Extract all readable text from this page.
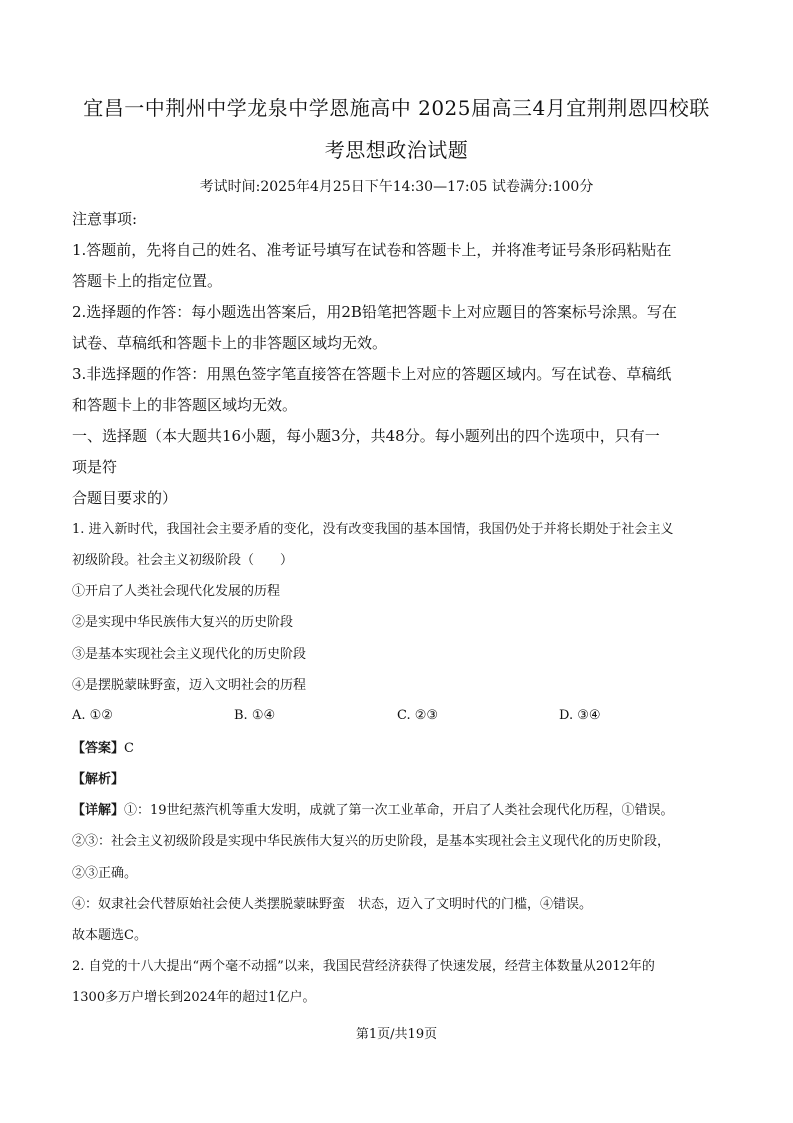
宜昌一中荆州中学龙泉中学恩施高中 2025届高三4月宜荆荆恩四校联
考思想政治试题
考试时间:2025年4月25日下午14:30—17:05 试卷满分:100分
注意事项:
1.答题前，先将自己的姓名、准考证号填写在试卷和答题卡上，并将准考证号条形码粘贴在
答题卡上的指定位置。
2.选择题的作答：每小题选出答案后，用2B铅笔把答题卡上对应题目的答案标号涂黑。写在
试卷、草稿纸和答题卡上的非答题区域均无效。
3.非选择题的作答：用黑色签字笔直接答在答题卡上对应的答题区域内。写在试卷、草稿纸
和答题卡上的非答题区域均无效。
一、选择题（本大题共16小题，每小题3分，共48分。每小题列出的四个选项中，只有一
项是符
合题目要求的）
1. 进入新时代，我国社会主要矛盾的变化，没有改变我国的基本国情，我国仍处于并将长期处于社会主义
初级阶段。社会主义初级阶段（　　）
①开启了人类社会现代化发展的历程
②是实现中华民族伟大复兴的历史阶段
③是基本实现社会主义现代化的历史阶段
④是摆脱蒙昧野蛮，迈入文明社会的历程
A. ①②	B. ①④	C. ②③	D. ③④
【答案】C
【解析】
【详解】①：19世纪蒸汽机等重大发明，成就了第一次工业革命，开启了人类社会现代化历程，①错误。
②③：社会主义初级阶段是实现中华民族伟大复兴的历史阶段，是基本实现社会主义现代化的历史阶段，
②③正确。
④：奴隶社会代替原始社会使人类摆脱蒙昧野蛮　状态，迈入了文明时代的门槛，④错误。
故本题选C。
2. 自党的十八大提出“两个毫不动摇”以来，我国民营经济获得了快速发展，经营主体数量从2012年的
1300多万户增长到2024年的超过1亿户。
第1页/共19页
